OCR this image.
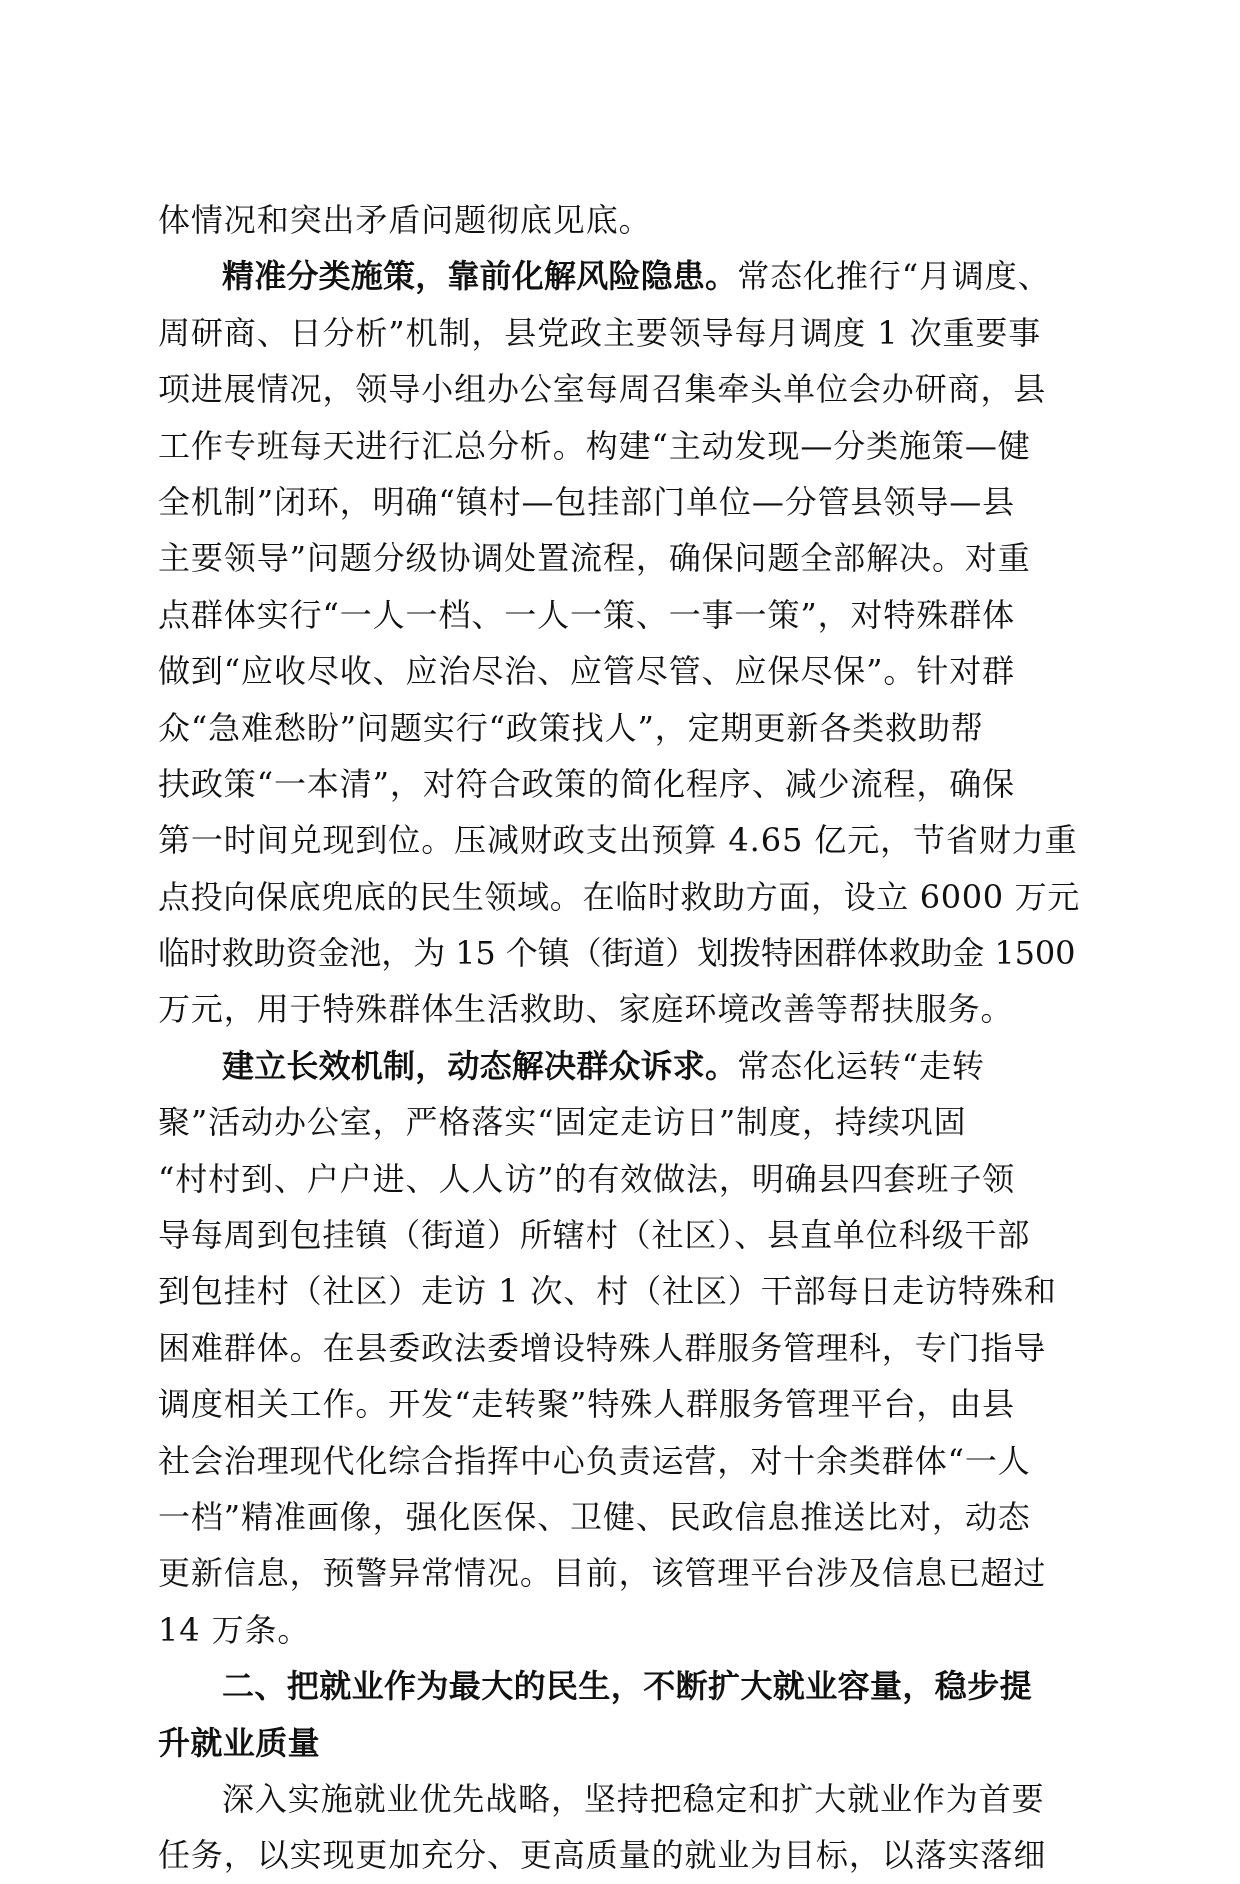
体情况和突出矛盾问题彻底见底。
精准分类施策，靠前化解风险隐患。常态化推行“月调度、
周研商、日分析”机制，县党政主要领导每月调度 1 次重要事
项进展情况，领导小组办公室每周召集牵头单位会办研商，县
工作专班每天进行汇总分析。构建“主动发现—分类施策—健
全机制”闭环，明确“镇村—包挂部门单位—分管县领导—县
主要领导”问题分级协调处置流程，确保问题全部解决。对重
点群体实行“一人一档、一人一策、一事一策”，对特殊群体
做到“应收尽收、应治尽治、应管尽管、应保尽保”。针对群
众“急难愁盼”问题实行“政策找人”，定期更新各类救助帮
扶政策“一本清”，对符合政策的简化程序、减少流程，确保
第一时间兑现到位。压减财政支出预算 4.65 亿元，节省财力重
点投向保底兜底的民生领域。在临时救助方面，设立 6000 万元
临时救助资金池，为 15 个镇（街道）划拨特困群体救助金 1500
万元，用于特殊群体生活救助、家庭环境改善等帮扶服务。
建立长效机制，动态解决群众诉求。常态化运转“走转
聚”活动办公室，严格落实“固定走访日”制度，持续巩固
“村村到、户户进、人人访”的有效做法，明确县四套班子领
导每周到包挂镇（街道）所辖村（社区）、县直单位科级干部
到包挂村（社区）走访 1 次、村（社区）干部每日走访特殊和
困难群体。在县委政法委增设特殊人群服务管理科，专门指导
调度相关工作。开发“走转聚”特殊人群服务管理平台，由县
社会治理现代化综合指挥中心负责运营，对十余类群体“一人
一档”精准画像，强化医保、卫健、民政信息推送比对，动态
更新信息，预警异常情况。目前，该管理平台涉及信息已超过
14 万条。
二、把就业作为最大的民生，不断扩大就业容量，稳步提
升就业质量
深入实施就业优先战略，坚持把稳定和扩大就业作为首要
任务，以实现更加充分、更高质量的就业为目标，以落实落细
